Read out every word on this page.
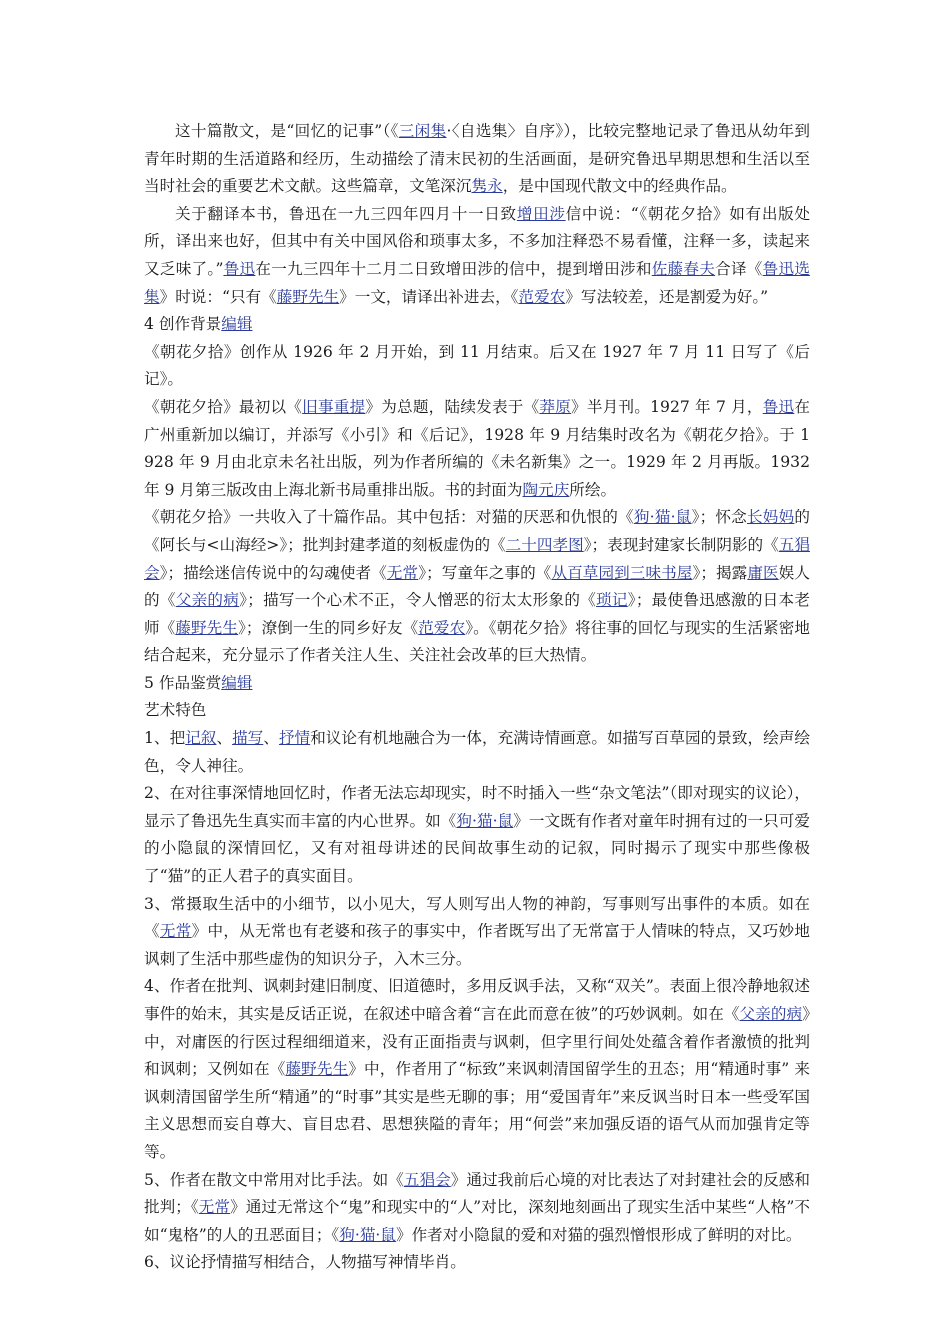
这十篇散文，是“回忆的记事”（《三闲集·〈自选集〉自序》），比较完整地记录了鲁迅从幼年到青年时期的生活道路和经历，生动描绘了清末民初的生活画面，是研究鲁迅早期思想和生活以至当时社会的重要艺术文献。这些篇章，文笔深沉隽永，是中国现代散文中的经典作品。

关于翻译本书，鲁迅在一九三四年四月十一日致增田涉信中说：“《朝花夕拾》如有出版处所，译出来也好，但其中有关中国风俗和琐事太多，不多加注释恐不易看懂，注释一多，读起来又乏味了。”鲁迅在一九三四年十二月二日致增田涉的信中，提到增田涉和佐藤春夫合译《鲁迅选集》时说：“只有《藤野先生》一文，请译出补进去，《范爱农》写法较差，还是割爱为好。”

4 创作背景编辑

《朝花夕拾》创作从 1926 年 2 月开始，到 11 月结束。后又在 1927 年 7 月 11 日写了《后记》。

《朝花夕拾》最初以《旧事重提》为总题，陆续发表于《莽原》半月刊。1927 年 7 月，鲁迅在广州重新加以编订，并添写《小引》和《后记》，1928 年 9 月结集时改名为《朝花夕拾》。于 1928 年 9 月由北京未名社出版，列为作者所编的《未名新集》之一。1929 年 2 月再版。1932 年 9 月第三版改由上海北新书局重排出版。书的封面为陶元庆所绘。

《朝花夕拾》一共收入了十篇作品。其中包括：对猫的厌恶和仇恨的《狗·猫·鼠》；怀念长妈妈的《阿长与<山海经>》；批判封建孝道的刻板虚伪的《二十四孝图》；表现封建家长制阴影的《五猖会》；描绘迷信传说中的勾魂使者《无常》；写童年之事的《从百草园到三味书屋》；揭露庸医娱人的《父亲的病》；描写一个心术不正，令人憎恶的衍太太形象的《琐记》；最使鲁迅感激的日本老师《藤野先生》；潦倒一生的同乡好友《范爱农》。《朝花夕拾》将往事的回忆与现实的生活紧密地结合起来，充分显示了作者关注人生、关注社会改革的巨大热情。

5 作品鉴赏编辑

艺术特色

1、把记叙、描写、抒情和议论有机地融合为一体，充满诗情画意。如描写百草园的景致，绘声绘色，令人神往。

2、在对往事深情地回忆时，作者无法忘却现实，时不时插入一些“杂文笔法”（即对现实的议论），显示了鲁迅先生真实而丰富的内心世界。如《狗·猫·鼠》一文既有作者对童年时拥有过的一只可爱的小隐鼠的深情回忆，又有对祖母讲述的民间故事生动的记叙，同时揭示了现实中那些像极了“猫”的正人君子的真实面目。

3、常摄取生活中的小细节，以小见大，写人则写出人物的神韵，写事则写出事件的本质。如在《无常》中，从无常也有老婆和孩子的事实中，作者既写出了无常富于人情味的特点，又巧妙地讽刺了生活中那些虚伪的知识分子，入木三分。

4、作者在批判、讽刺封建旧制度、旧道德时，多用反讽手法，又称“双关”。表面上很冷静地叙述事件的始末，其实是反话正说，在叙述中暗含着“言在此而意在彼”的巧妙讽刺。如在《父亲的病》中，对庸医的行医过程细细道来，没有正面指责与讽刺，但字里行间处处蕴含着作者激愤的批判和讽刺；又例如在《藤野先生》中，作者用了“标致”来讽刺清国留学生的丑态；用“精通时事” 来讽刺清国留学生所“精通”的“时事”其实是些无聊的事；用“爱国青年”来反讽当时日本一些受军国主义思想而妄自尊大、盲目忠君、思想狭隘的青年；用“何尝”来加强反语的语气从而加强肯定等等。

5、作者在散文中常用对比手法。如《五猖会》通过我前后心境的对比表达了对封建社会的反感和批判；《无常》通过无常这个“鬼”和现实中的“人”对比，深刻地刻画出了现实生活中某些“人格”不如“鬼格”的人的丑恶面目；《狗·猫·鼠》作者对小隐鼠的爱和对猫的强烈憎恨形成了鲜明的对比。

6、议论抒情描写相结合，人物描写神情毕肖。
